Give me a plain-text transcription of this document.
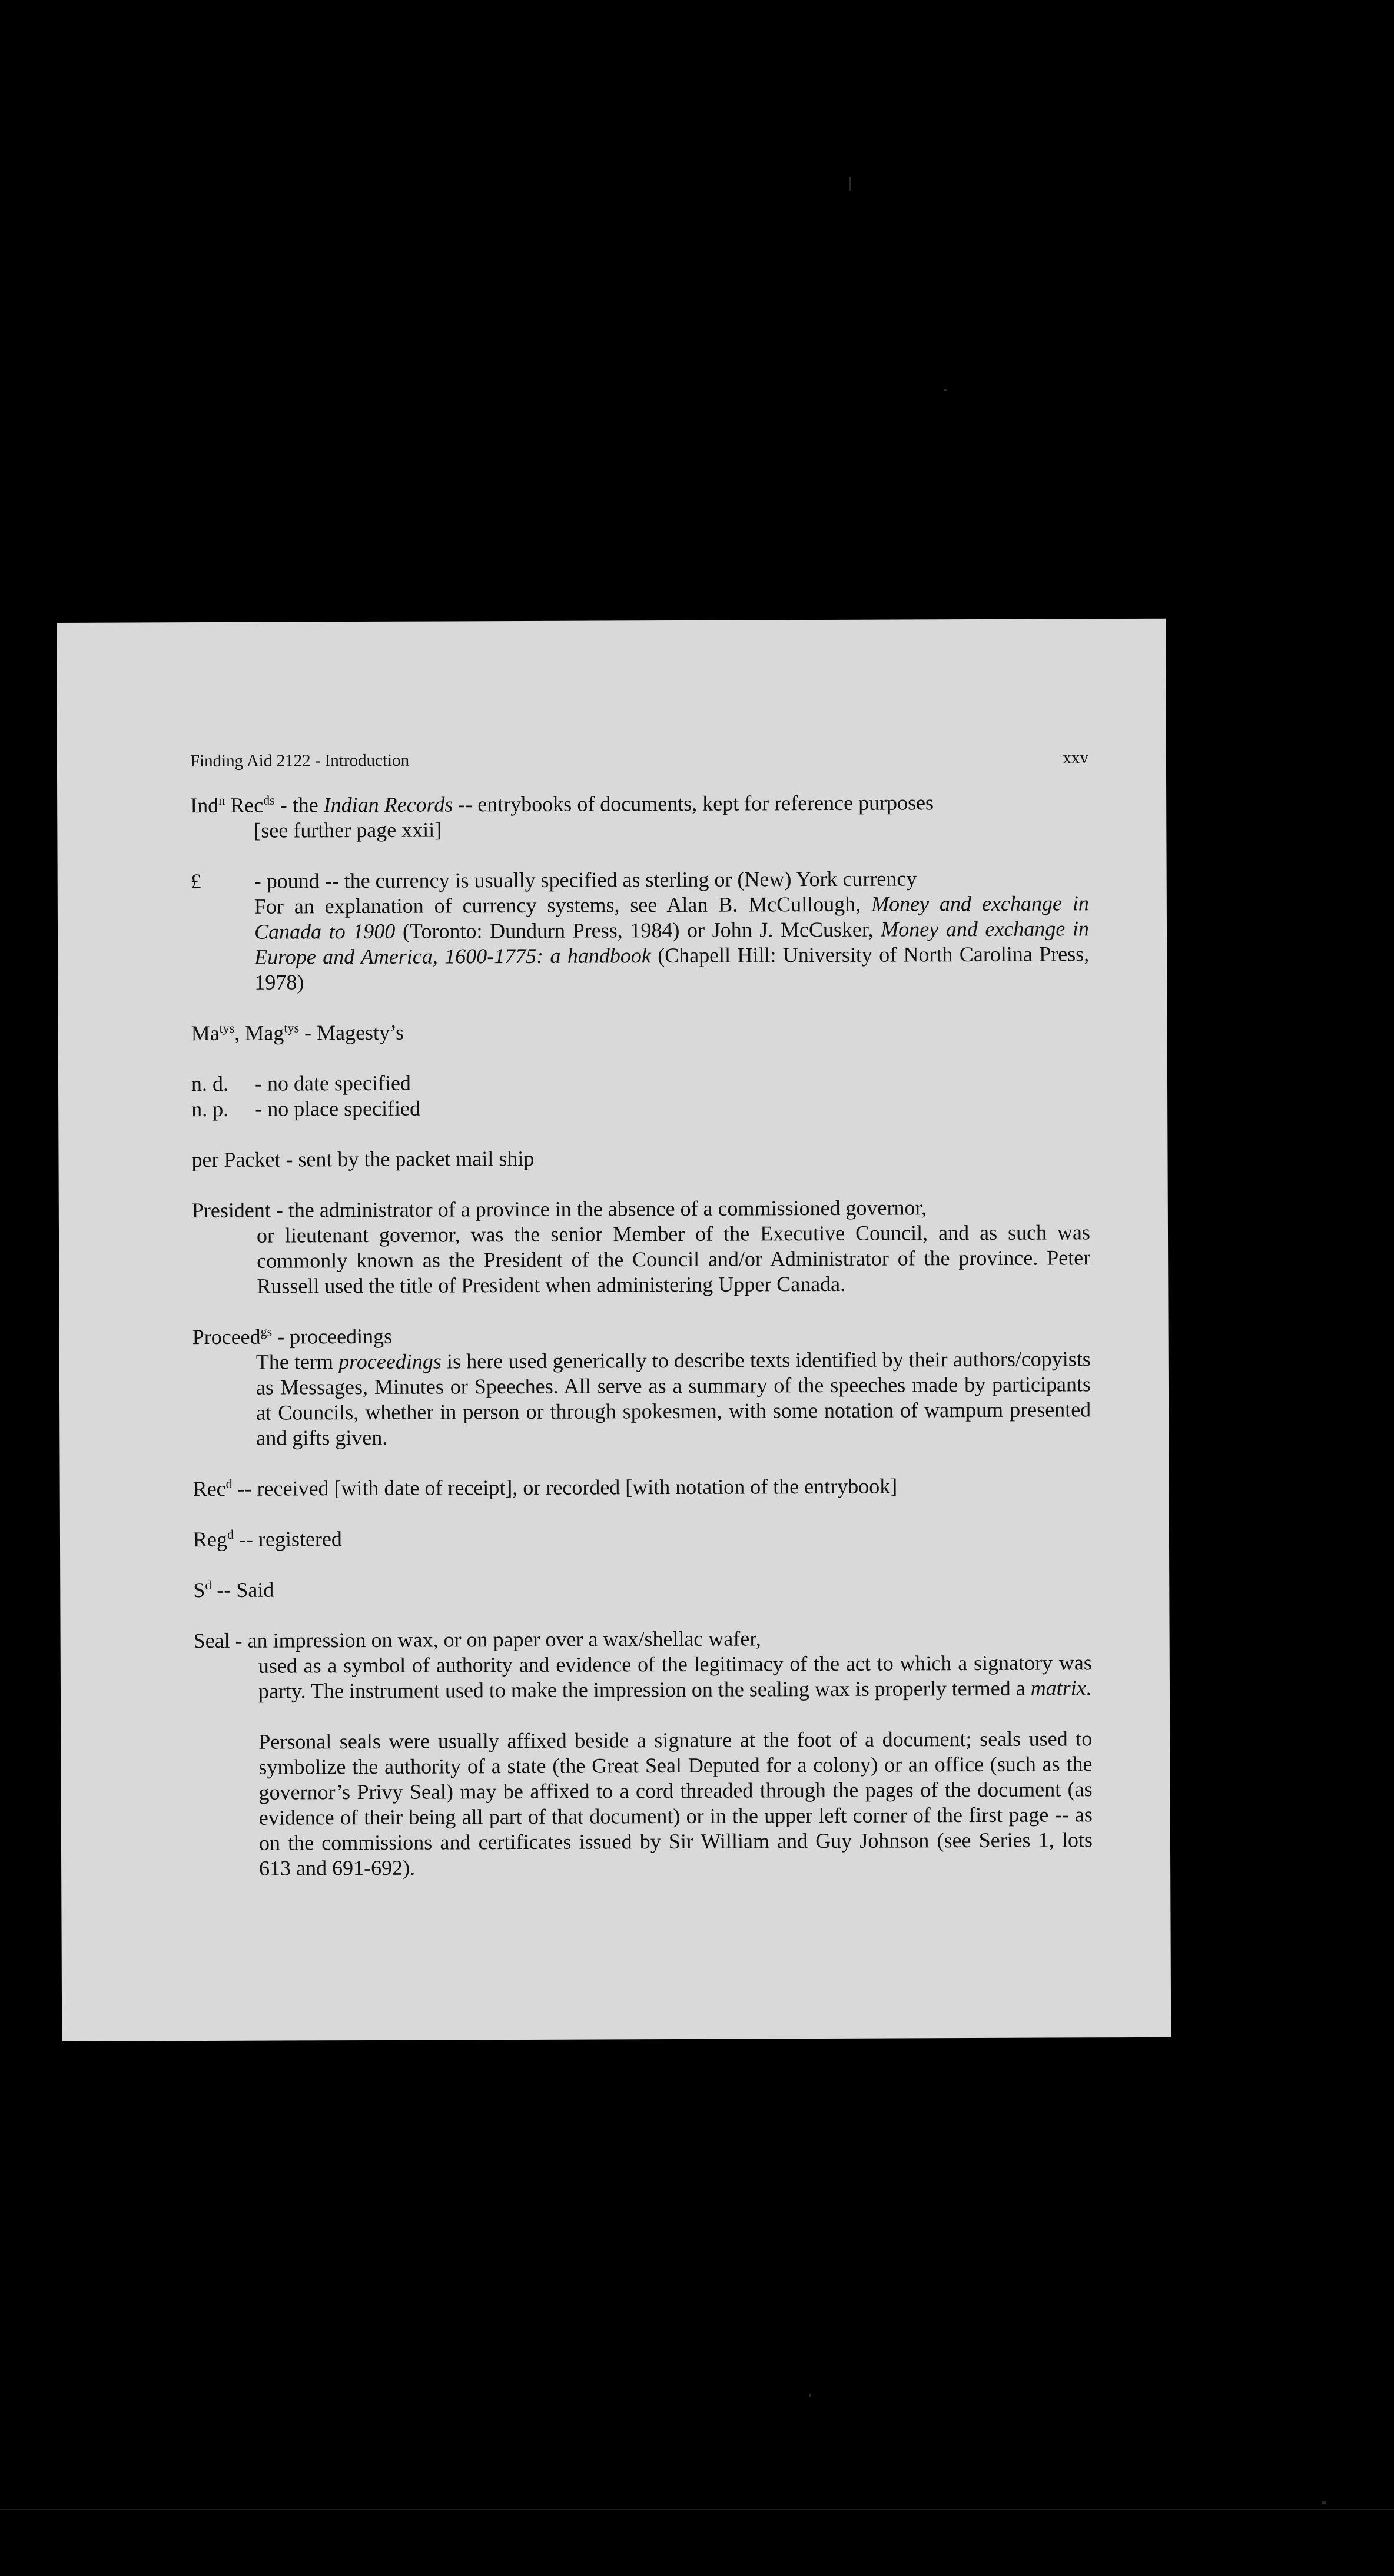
Finding Aid 2122 - Introduction	xxv
Ind$^n$ Rec$^{ds}$ - the Indian Records -- entrybooks of documents, kept for reference purposes
[see further page xxii]
£	- pound -- the currency is usually specified as sterling or (New) York currency
For an explanation of currency systems, see Alan B. McCullough, Money and exchange in Canada to 1900 (Toronto: Dundurn Press, 1984) or John J. McCusker, Money and exchange in Europe and America, 1600-1775: a handbook (Chapell Hill: University of North Carolina Press, 1978)
$Ma^{tys}$, Mag$^{tys}$ - Magesty’s
n. d.	- no date specified
n. p.	- no place specified
per Packet - sent by the packet mail ship
President - the administrator of a province in the absence of a commissioned governor,
or lieutenant governor, was the senior Member of the Executive Council, and as such was commonly known as the President of the Council and/or Administrator of the province. Peter Russell used the title of President when administering Upper Canada.
Proceed$^{gs}$ - proceedings
The term proceedings is here used generically to describe texts identified by their authors/copyists as Messages, Minutes or Speeches. All serve as a summary of the speeches made by participants at Councils, whether in person or through spokesmen, with some notation of wampum presented and gifts given.
Rec$^d$ -- received [with date of receipt], or recorded [with notation of the entrybook]
Reg$^d$ -- registered
$S^d$ -- Said
Seal - an impression on wax, or on paper over a wax/shellac wafer,
used as a symbol of authority and evidence of the legitimacy of the act to which a signatory was party. The instrument used to make the impression on the sealing wax is properly termed a matrix.
Personal seals were usually affixed beside a signature at the foot of a document; seals used to symbolize the authority of a state (the Great Seal Deputed for a colony) or an office (such as the governor’s Privy Seal) may be affixed to a cord threaded through the pages of the document (as evidence of their being all part of that document) or in the upper left corner of the first page -- as on the commissions and certificates issued by Sir William and Guy Johnson (see Series 1, lots 613 and 691-692).
